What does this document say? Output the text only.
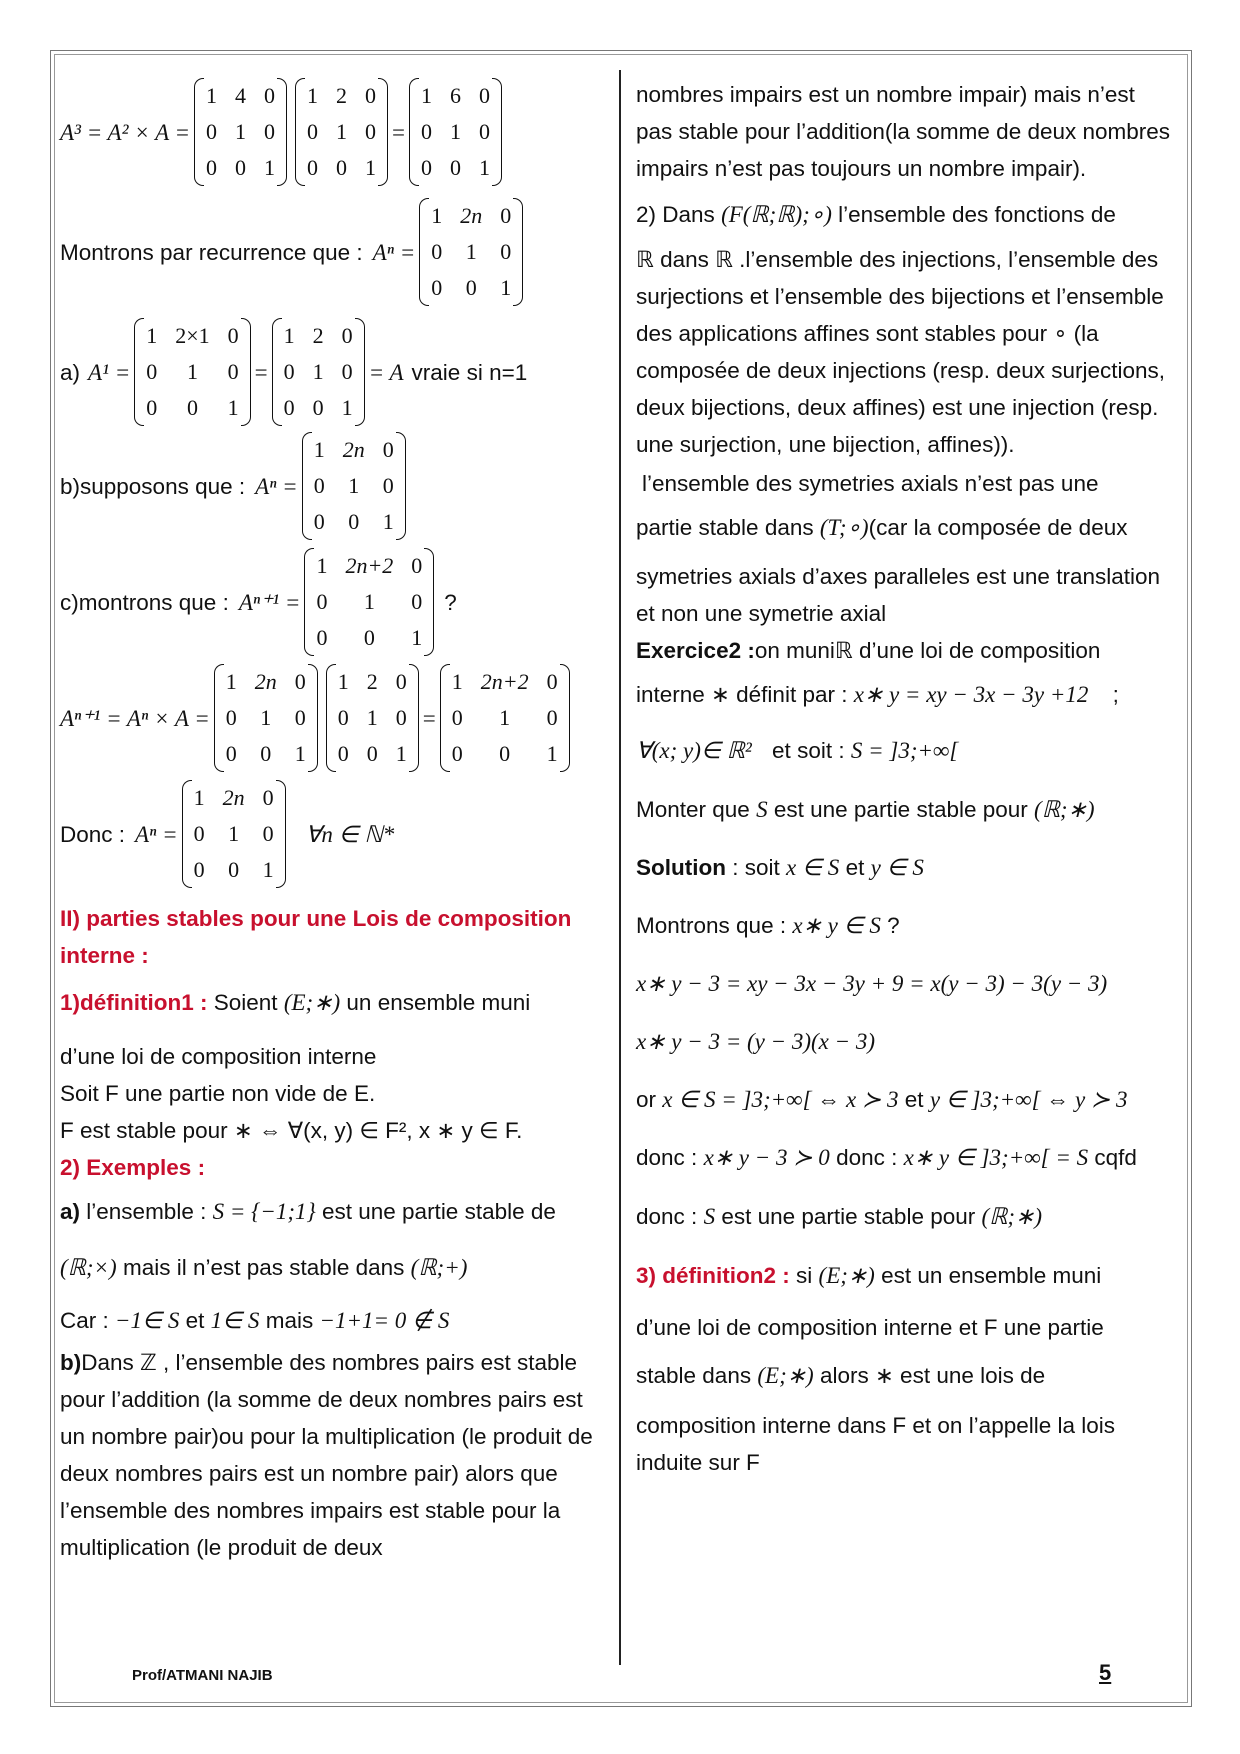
A³ = A² × A =
1 4 0
0 1 0
0 0 1
1 2 0
0 1 0
0 0 1
=
1 6 0
0 1 0
0 0 1
Montrons par recurrence que : Aⁿ =
1 2n 0
0 1 0
0 0 1
a) A¹ =
1 2×1 0
0	1	0
0	0	1
=
1 2 0
0 1 0
0 0 1
= A vraie si n=1
b)supposons que : Aⁿ =
1 2n 0
0 1 0
0 0 1
c)montrons que : Aⁿ⁺¹ =
1 2n+2 0
0	1	0
0	0	1
?
Aⁿ⁺¹ = Aⁿ × A =
1 2n 0
0 1 0
0 0 1
1 2 0
0 1 0
0 0 1
=
1 2n+2 0
0	1	0
0	0	1
Donc : Aⁿ =
1 2n 0
0 1 0
0 0 1
∀n ∈ ℕ*
II) parties stables pour une Lois de composition interne :
1)définition1 : Soient (E;∗) un ensemble muni
d’une loi de composition interne
Soit F une partie non vide de E.
F est stable pour ∗ ⇔ ∀(x, y) ∈ F², x ∗ y ∈ F.
2) Exemples :
a) l’ensemble : S = {−1;1} est une partie stable de
(ℝ;×) mais il n’est pas stable dans (ℝ;+)
Car : −1∈ S et 1∈ S mais −1+1= 0 ∉ S
b)Dans ℤ , l’ensemble des nombres pairs est stable pour l’addition (la somme de deux nombres pairs est un nombre pair)ou pour la multiplication (le produit de deux nombres pairs est un nombre pair) alors que l’ensemble des nombres impairs est stable pour la multiplication (le produit de deux
nombres impairs est un nombre impair) mais n’est pas stable pour l’addition(la somme de deux nombres impairs n’est pas toujours un nombre impair).
2) Dans (F(ℝ;ℝ);∘) l’ensemble des fonctions de
ℝ dans ℝ .l’ensemble des injections, l’ensemble des surjections et l’ensemble des bijections et l’ensemble des applications affines sont stables pour ∘ (la composée de deux injections (resp. deux surjections, deux bijections, deux affines) est une injection (resp. une surjection, une bijection, affines)).
l’ensemble des symetries axials n’est pas une
partie stable dans (T;∘)(car la composée de deux
symetries axials d’axes paralleles est une translation et non une symetrie axial
Exercice2 :on muniℝ d’une loi de composition
interne ∗ définit par : x∗ y = xy − 3x − 3y +12 ;
∀(x; y)∈ ℝ² et soit : S = ]3;+∞[
Monter que S est une partie stable pour (ℝ;∗)
Solution : soit x ∈ S et y ∈ S
Montrons que : x∗ y ∈ S ?
x∗ y − 3 = xy − 3x − 3y + 9 = x(y − 3) − 3(y − 3)
x∗ y − 3 = (y − 3)(x − 3)
or x ∈ S = ]3;+∞[ ⇔ x ≻ 3 et y ∈ ]3;+∞[ ⇔ y ≻ 3
donc : x∗ y − 3 ≻ 0 donc : x∗ y ∈ ]3;+∞[ = S cqfd
donc : S est une partie stable pour (ℝ;∗)
3) définition2 : si (E;∗) est un ensemble muni
d’une loi de composition interne et F une partie
stable dans (E;∗) alors ∗ est une lois de
composition interne dans F et on l’appelle la lois induite sur F
Prof/ATMANI NAJIB	5
